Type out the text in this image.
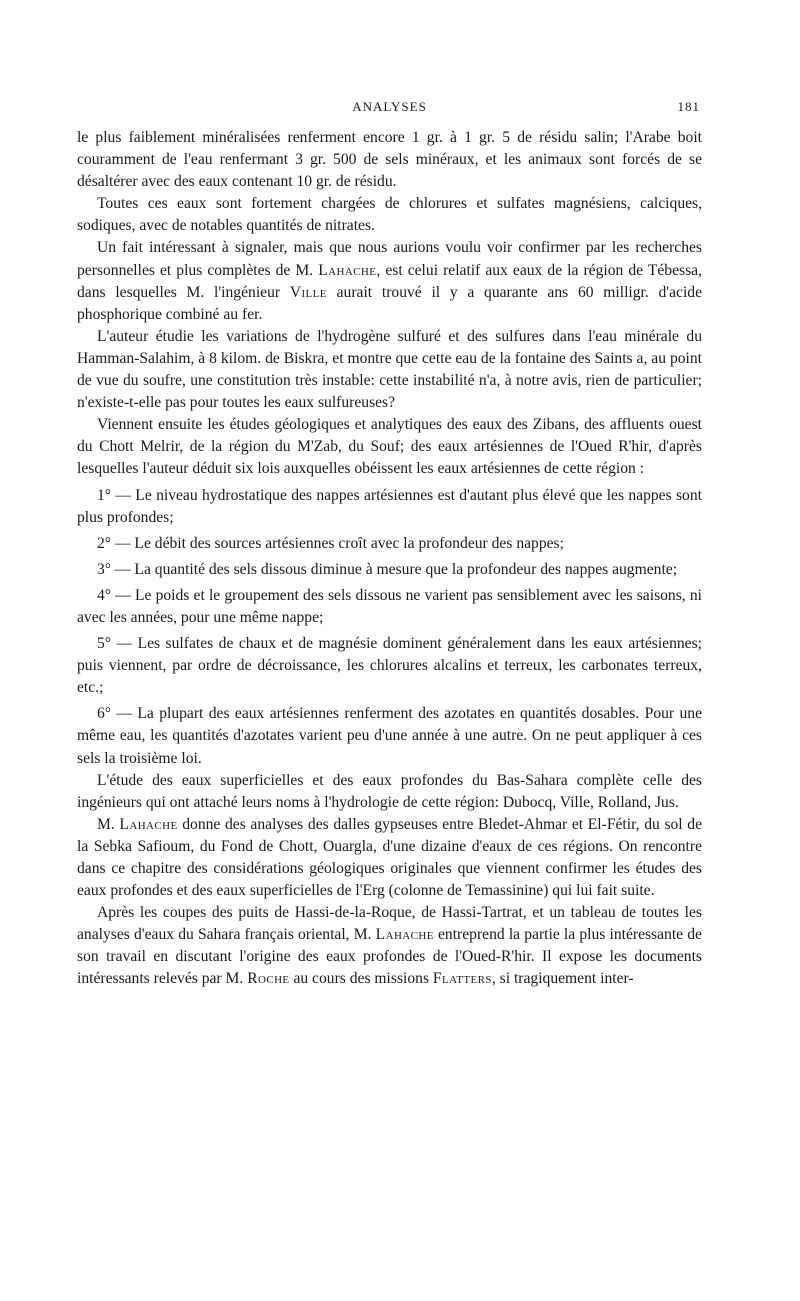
ANALYSES	181

le plus faiblement minéralisées renferment encore 1 gr. à 1 gr. 5 de résidu salin; l'Arabe boit couramment de l'eau renfermant 3 gr. 500 de sels minéraux, et les animaux sont forcés de se désaltérer avec des eaux contenant 10 gr. de résidu.

Toutes ces eaux sont fortement chargées de chlorures et sulfates magnésiens, calciques, sodiques, avec de notables quantités de nitrates.

Un fait intéressant à signaler, mais que nous aurions voulu voir confirmer par les recherches personnelles et plus complètes de M. Lahache, est celui relatif aux eaux de la région de Tébessa, dans lesquelles M. l'ingénieur Ville aurait trouvé il y a quarante ans 60 milligr. d'acide phosphorique combiné au fer.

L'auteur étudie les variations de l'hydrogène sulfuré et des sulfures dans l'eau minérale du Hamman-Salahim, à 8 kilom. de Biskra, et montre que cette eau de la fontaine des Saints a, au point de vue du soufre, une constitution très instable: cette instabilité n'a, à notre avis, rien de particulier; n'existe-t-elle pas pour toutes les eaux sulfureuses?

Viennent ensuite les études géologiques et analytiques des eaux des Zibans, des affluents ouest du Chott Melrir, de la région du M'Zab, du Souf; des eaux artésiennes de l'Oued R'hir, d'après lesquelles l'auteur déduit six lois auxquelles obéissent les eaux artésiennes de cette région :

1° — Le niveau hydrostatique des nappes artésiennes est d'autant plus élevé que les nappes sont plus profondes;

2° — Le débit des sources artésiennes croît avec la profondeur des nappes;

3° — La quantité des sels dissous diminue à mesure que la profondeur des nappes augmente;

4° — Le poids et le groupement des sels dissous ne varient pas sensiblement avec les saisons, ni avec les années, pour une même nappe;

5° — Les sulfates de chaux et de magnésie dominent généralement dans les eaux artésiennes; puis viennent, par ordre de décroissance, les chlorures alcalins et terreux, les carbonates terreux, etc.;

6° — La plupart des eaux artésiennes renferment des azotates en quantités dosables. Pour une même eau, les quantités d'azotates varient peu d'une année à une autre. On ne peut appliquer à ces sels la troisième loi.

L'étude des eaux superficielles et des eaux profondes du Bas-Sahara complète celle des ingénieurs qui ont attaché leurs noms à l'hydrologie de cette région: Dubocq, Ville, Rolland, Jus.

M. Lahache donne des analyses des dalles gypseuses entre Bledet-Ahmar et El-Fétir, du sol de la Sebka Safioum, du Fond de Chott, Ouargla, d'une dizaine d'eaux de ces régions. On rencontre dans ce chapitre des considérations géologiques originales que viennent confirmer les études des eaux profondes et des eaux superficielles de l'Erg (colonne de Temassinine) qui lui fait suite.

Après les coupes des puits de Hassi-de-la-Roque, de Hassi-Tartrat, et un tableau de toutes les analyses d'eaux du Sahara français oriental, M. Lahache entreprend la partie la plus intéressante de son travail en discutant l'origine des eaux profondes de l'Oued-R'hir. Il expose les documents intéressants relevés par M. Roche au cours des missions Flatters, si tragiquement inter-
